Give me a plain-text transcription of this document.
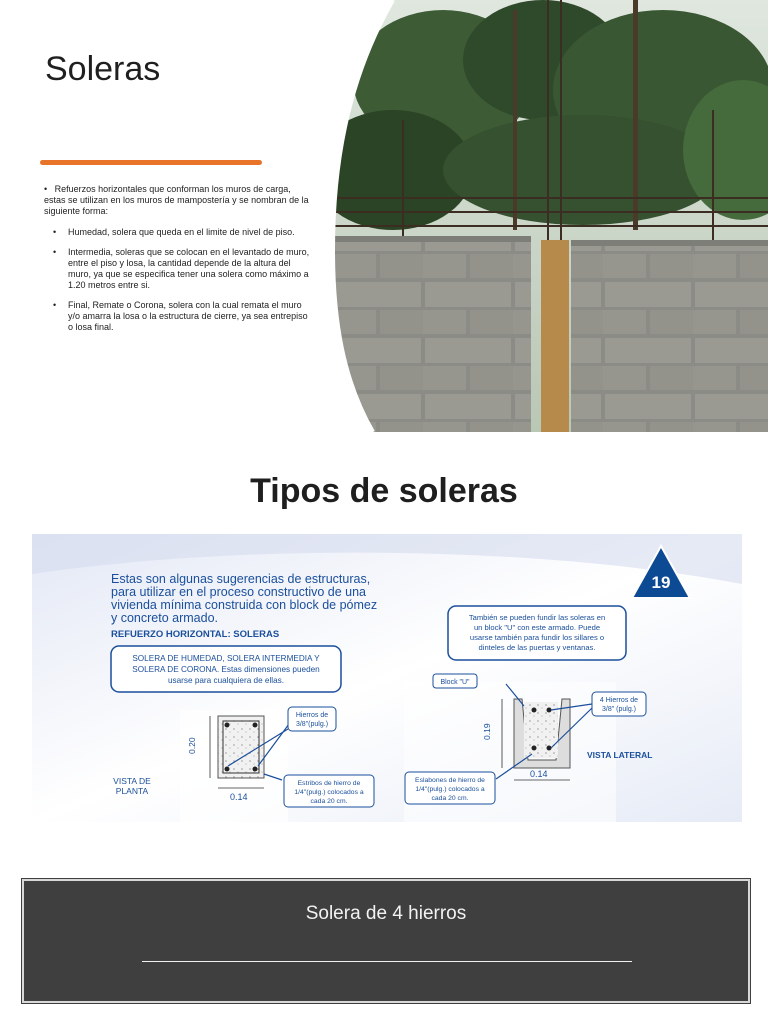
Soleras

•   Refuerzos horizontales que conforman los muros de carga, estas se utilizan en los muros de mampostería y se nombran de la siguiente forma:

• Humedad, solera que queda en el limite de nivel de piso.
• Intermedia, soleras que se colocan en el levantado de muro, entre el piso y losa, la cantidad depende de la altura del muro, ya que se especifica tener una solera como máximo a 1.20 metros entre si.
• Final, Remate o Corona, solera con la cual remata el muro y/o amarra la losa o la estructura de cierre, ya sea entrepiso o losa final.
Tipos de soleras
19
Estas son algunas sugerencias de estructuras,
para utilizar en el proceso constructivo de una
vivienda mínima construida con block de pómez
y concreto armado.
REFUERZO HORIZONTAL: SOLERAS
SOLERA DE HUMEDAD, SOLERA INTERMEDIA Y
SOLERA DE CORONA. Estas dimensiones pueden
usarse para cualquiera de ellas.
También se pueden fundir las soleras en
un block "U" con este armado. Puede
usarse también para fundir los sillares o
dinteles de las puertas y ventanas.
0.20
0.14
Hierros de
3/8"(pulg.)
Estribos de hierro de
1/4"(pulg.) colocados a
cada 20 cm.
VISTA DE
PLANTA
0.19
0.14
Block "U"
4 Hierros de
3/8" (pulg.)
Eslabones de hierro de
1/4"(pulg.) colocados a
cada 20 cm.
VISTA LATERAL
Solera de 4 hierros
